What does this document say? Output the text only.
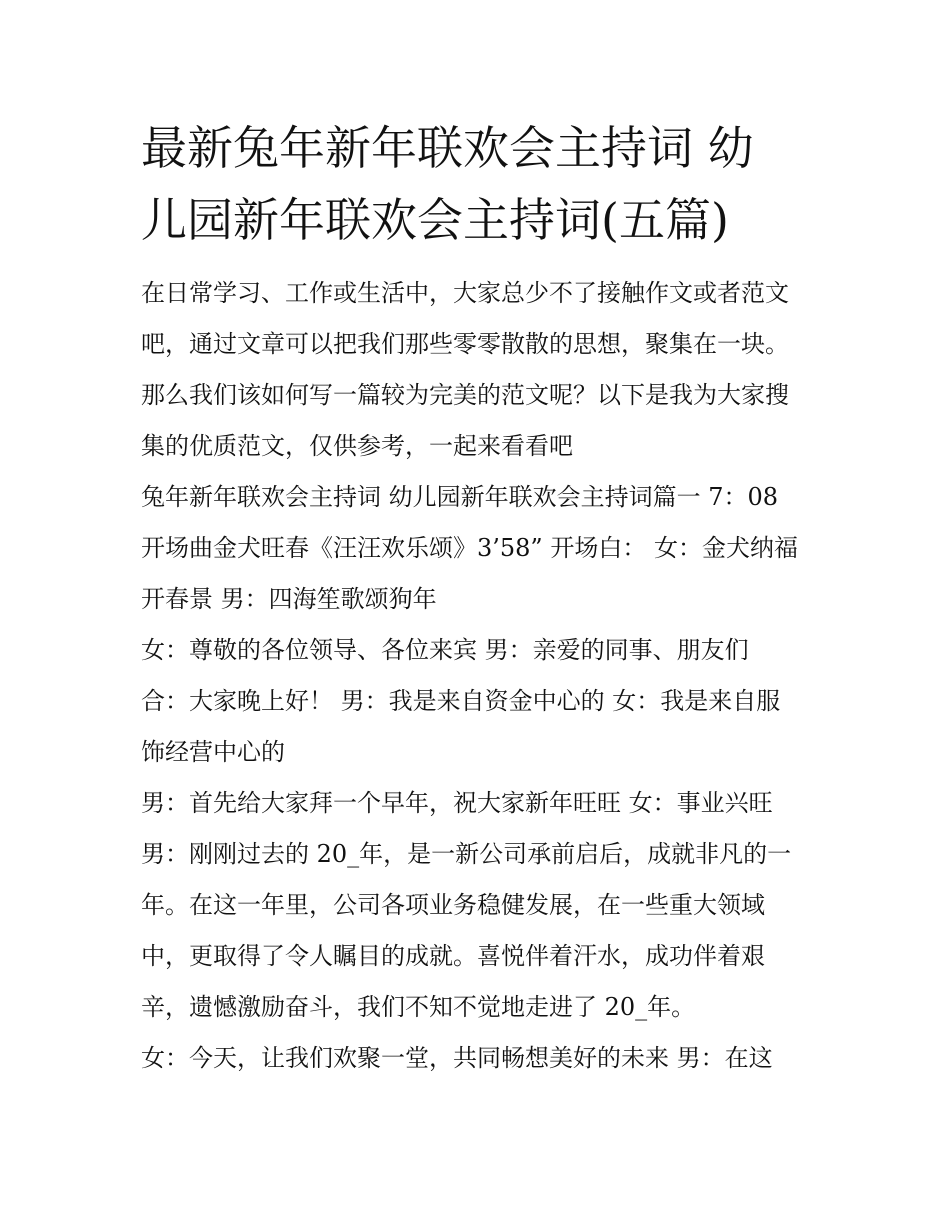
最新兔年新年联欢会主持词 幼
儿园新年联欢会主持词(五篇)
在日常学习、工作或生活中，大家总少不了接触作文或者范文
吧，通过文章可以把我们那些零零散散的思想，聚集在一块。
那么我们该如何写一篇较为完美的范文呢？以下是我为大家搜
集的优质范文，仅供参考，一起来看看吧
兔年新年联欢会主持词 幼儿园新年联欢会主持词篇一 7：08
开场曲金犬旺春《汪汪欢乐颂》3’58” 开场白： 女：金犬纳福
开春景 男：四海笙歌颂狗年
女：尊敬的各位领导、各位来宾 男：亲爱的同事、朋友们
合：大家晚上好！ 男：我是来自资金中心的 女：我是来自服
饰经营中心的
男：首先给大家拜一个早年，祝大家新年旺旺 女：事业兴旺
男：刚刚过去的 20_年，是一新公司承前启后，成就非凡的一
年。在这一年里，公司各项业务稳健发展，在一些重大领域
中，更取得了令人瞩目的成就。喜悦伴着汗水，成功伴着艰
辛，遗憾激励奋斗，我们不知不觉地走进了 20_年。
女：今天，让我们欢聚一堂，共同畅想美好的未来 男：在这
